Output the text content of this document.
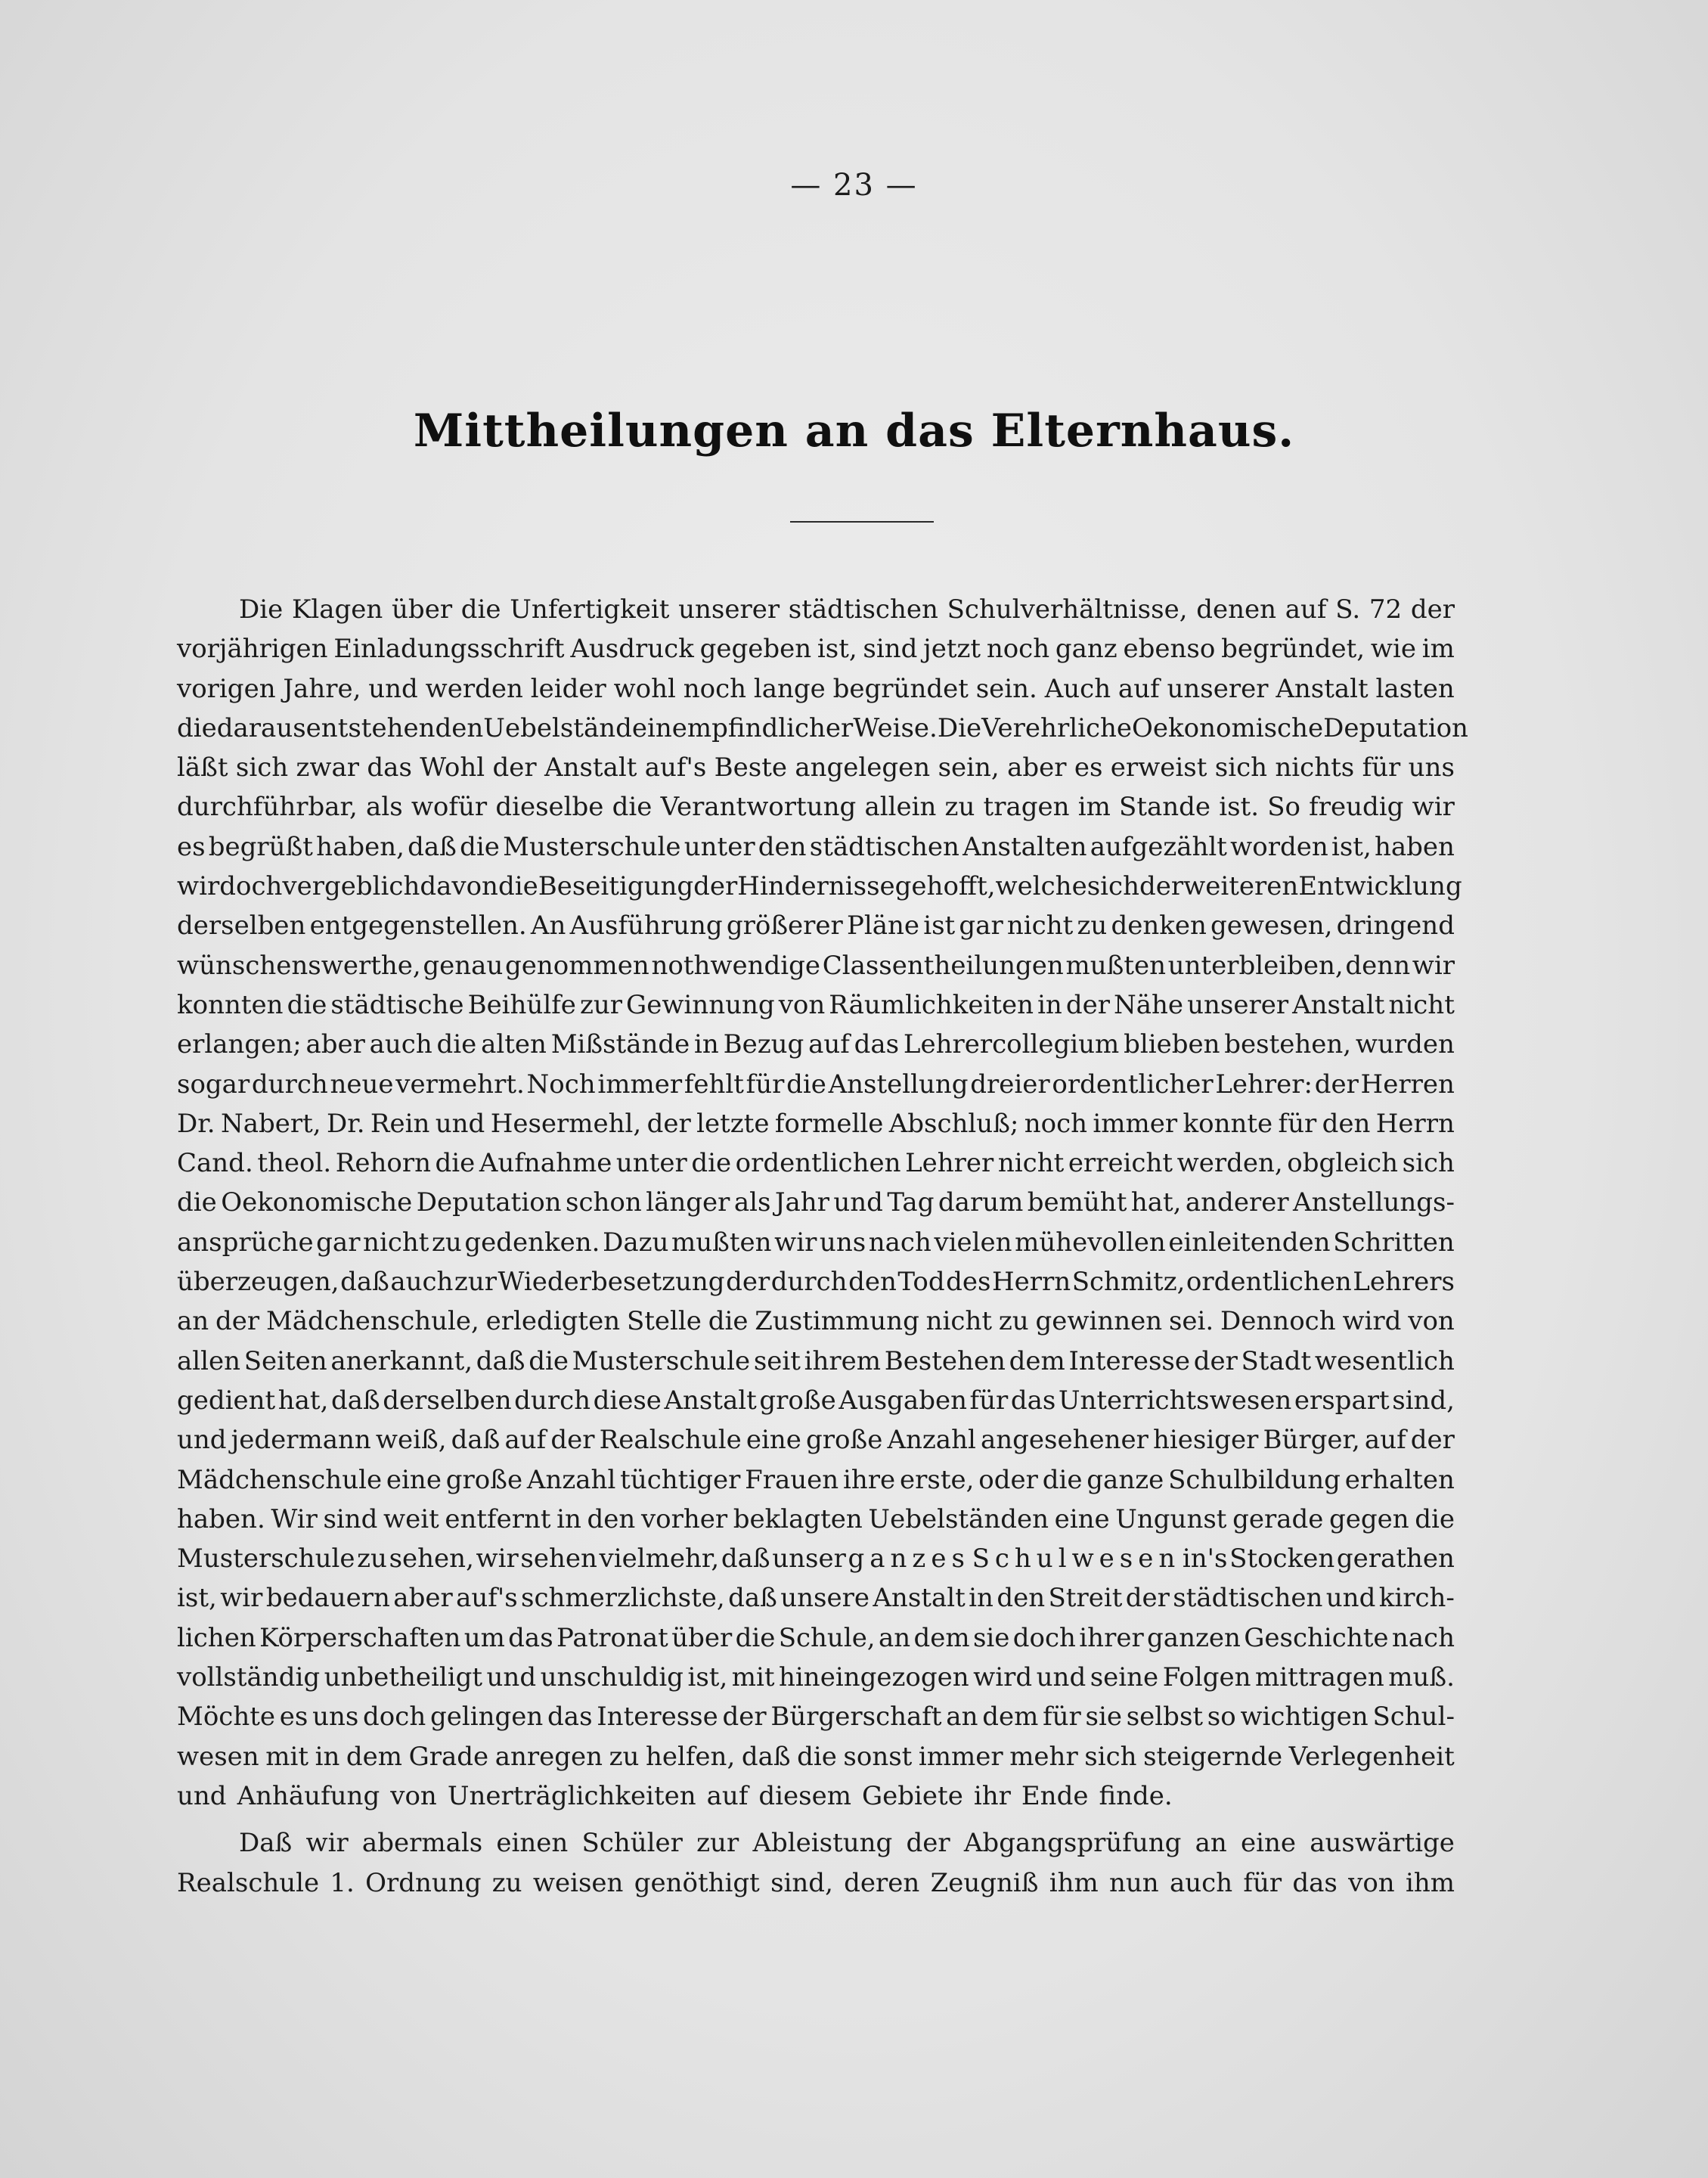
— 23 —
Mittheilungen an das Elternhaus.
Die Klagen über die Unfertigkeit unserer städtischen Schulverhältnisse, denen auf S. 72 der
vorjährigen Einladungsschrift Ausdruck gegeben ist, sind jetzt noch ganz ebenso begründet, wie im
vorigen Jahre, und werden leider wohl noch lange begründet sein. Auch auf unserer Anstalt lasten
die daraus entstehenden Uebelstände in empfindlicher Weise. Die Verehrliche Oekonomische Deputation
läßt sich zwar das Wohl der Anstalt auf's Beste angelegen sein, aber es erweist sich nichts für uns
durchführbar, als wofür dieselbe die Verantwortung allein zu tragen im Stande ist. So freudig wir
es begrüßt haben, daß die Musterschule unter den städtischen Anstalten aufgezählt worden ist, haben
wir doch vergeblich davon die Beseitigung der Hindernisse gehofft, welche sich der weiteren Entwicklung
derselben entgegenstellen. An Ausführung größerer Pläne ist gar nicht zu denken gewesen, dringend
wünschenswerthe, genau genommen nothwendige Classentheilungen mußten unterbleiben, denn wir
konnten die städtische Beihülfe zur Gewinnung von Räumlichkeiten in der Nähe unserer Anstalt nicht
erlangen; aber auch die alten Mißstände in Bezug auf das Lehrercollegium blieben bestehen, wurden
sogar durch neue vermehrt. Noch immer fehlt für die Anstellung dreier ordentlicher Lehrer: der Herren
Dr. Nabert, Dr. Rein und Hesermehl, der letzte formelle Abschluß; noch immer konnte für den Herrn
Cand. theol. Rehorn die Aufnahme unter die ordentlichen Lehrer nicht erreicht werden, obgleich sich
die Oekonomische Deputation schon länger als Jahr und Tag darum bemüht hat, anderer Anstellungs-
ansprüche gar nicht zu gedenken. Dazu mußten wir uns nach vielen mühevollen einleitenden Schritten
überzeugen, daß auch zur Wiederbesetzung der durch den Tod des Herrn Schmitz, ordentlichen Lehrers
an der Mädchenschule, erledigten Stelle die Zustimmung nicht zu gewinnen sei. Dennoch wird von
allen Seiten anerkannt, daß die Musterschule seit ihrem Bestehen dem Interesse der Stadt wesentlich
gedient hat, daß derselben durch diese Anstalt große Ausgaben für das Unterrichtswesen erspart sind,
und jedermann weiß, daß auf der Realschule eine große Anzahl angesehener hiesiger Bürger, auf der
Mädchenschule eine große Anzahl tüchtiger Frauen ihre erste, oder die ganze Schulbildung erhalten
haben. Wir sind weit entfernt in den vorher beklagten Uebelständen eine Ungunst gerade gegen die
Musterschule zu sehen, wir sehen vielmehr, daß unser ganzes Schulwesen in's Stocken gerathen
ist, wir bedauern aber auf's schmerzlichste, daß unsere Anstalt in den Streit der städtischen und kirch-
lichen Körperschaften um das Patronat über die Schule, an dem sie doch ihrer ganzen Geschichte nach
vollständig unbetheiligt und unschuldig ist, mit hineingezogen wird und seine Folgen mittragen muß.
Möchte es uns doch gelingen das Interesse der Bürgerschaft an dem für sie selbst so wichtigen Schul-
wesen mit in dem Grade anregen zu helfen, daß die sonst immer mehr sich steigernde Verlegenheit
und Anhäufung von Unerträglichkeiten auf diesem Gebiete ihr Ende finde.
Daß wir abermals einen Schüler zur Ableistung der Abgangsprüfung an eine auswärtige
Realschule 1. Ordnung zu weisen genöthigt sind, deren Zeugniß ihm nun auch für das von ihm
